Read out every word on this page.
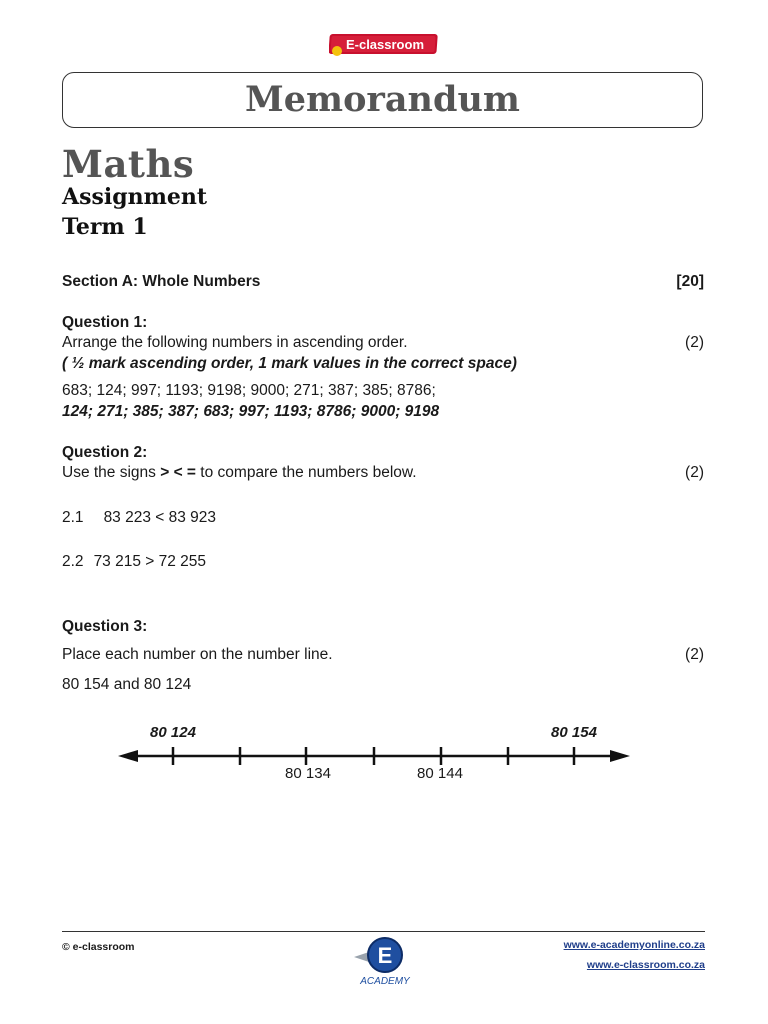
E-classroom
Memorandum
Maths
Assignment
Term 1
Section A: Whole Numbers	[20]
Question 1:
Arrange the following numbers in ascending order.	(2)
( ½ mark ascending order, 1 mark values in the correct space)
683; 124; 997; 1193; 9198; 9000; 271; 387; 385; 8786;
124; 271; 385; 387; 683; 997; 1193; 8786; 9000; 9198
Question 2:
Use the signs > < = to compare the numbers below.	(2)
2.1 83 223 < 83 923
2.2 73 215 > 72 255
Question 3:
Place each number on the number line.	(2)
80 154 and 80 124
80 124	80 154
80 134	80 144
© e-classroom	E
ACADEMY
www.e-academyonline.co.za
www.e-classroom.co.za
